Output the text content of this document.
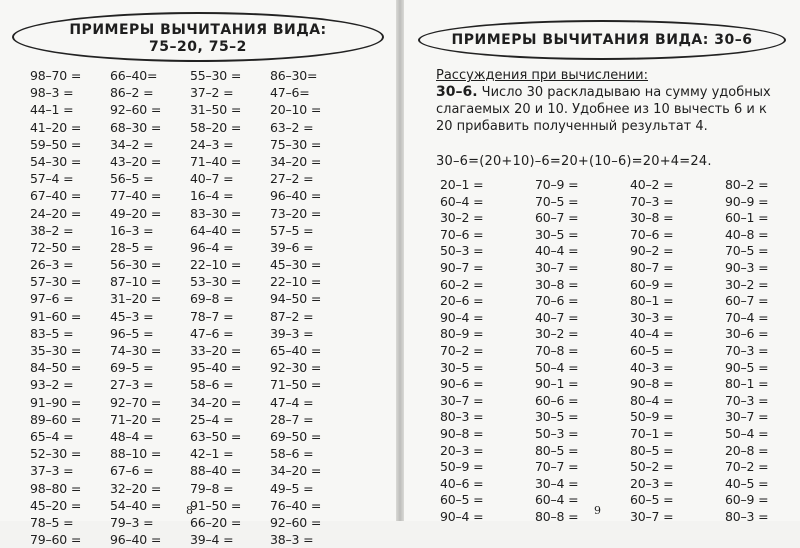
ПРИМЕРЫ ВЫЧИТАНИЯ ВИДА:
75–20, 75–2
98–70 =	66–40=	55–30 =	86–30=
98–3 =	86–2 =	37–2 =	47–6=
44–1 =	92–60 =	31–50 =	20–10 =
41–20 =	68–30 =	58–20 =	63–2 =
59–50 =	34–2 =	24–3 =	75–30 =
54–30 =	43–20 =	71–40 =	34–20 =
57–4 =	56–5 =	40–7 =	27–2 =
67–40 =	77–40 =	16–4 =	96–40 =
24–20 =	49–20 =	83–30 =	73–20 =
38–2 =	16–3 =	64–40 =	57–5 =
72–50 =	28–5 =	96–4 =	39–6 =
26–3 =	56–30 =	22–10 =	45–30 =
57–30 =	87–10 =	53–30 =	22–10 =
97–6 =	31–20 =	69–8 =	94–50 =
91–60 =	45–3 =	78–7 =	87–2 =
83–5 =	96–5 =	47–6 =	39–3 =
35–30 =	74–30 =	33–20 =	65–40 =
84–50 =	69–5 =	95–40 =	92–30 =
93–2 =	27–3 =	58–6 =	71–50 =
91–90 =	92–70 =	34–20 =	47–4 =
89–60 =	71–20 =	25–4 =	28–7 =
65–4 =	48–4 =	63–50 =	69–50 =
52–30 =	88–10 =	42–1 =	58–6 =
37–3 =	67–6 =	88–40 =	34–20 =
98–80 =	32–20 =	79–8 =	49–5 =
45–20 =	54–40 =	91–50 =	76–40 =
78–5 =	79–3 =	66–20 =	92–60 =
79–60 =	96–40 =	39–4 =	38–3 =
8
ПРИМЕРЫ ВЫЧИТАНИЯ ВИДА: 30–6
Рассуждения при вычислении:
30–6. Число 30 раскладываю на сумму удобных слагаемых 20 и 10. Удобнее из 10 вычесть 6 и к 20 прибавить полученный результат 4.
30–6=(20+10)–6=20+(10–6)=20+4=24.
20–1 =	70–9 =	40–2 =	80–2 =
60–4 =	70–5 =	70–3 =	90–9 =
30–2 =	60–7 =	30–8 =	60–1 =
70–6 =	30–5 =	70–6 =	40–8 =
50–3 =	40–4 =	90–2 =	70–5 =
90–7 =	30–7 =	80–7 =	90–3 =
60–2 =	30–8 =	60–9 =	30–2 =
20–6 =	70–6 =	80–1 =	60–7 =
90–4 =	40–7 =	30–3 =	70–4 =
80–9 =	30–2 =	40–4 =	30–6 =
70–2 =	70–8 =	60–5 =	70–3 =
30–5 =	50–4 =	40–3 =	90–5 =
90–6 =	90–1 =	90–8 =	80–1 =
30–7 =	60–6 =	80–4 =	70–3 =
80–3 =	30–5 =	50–9 =	30–7 =
90–8 =	50–3 =	70–1 =	50–4 =
20–3 =	80–5 =	80–5 =	20–8 =
50–9 =	70–7 =	50–2 =	70–2 =
40–6 =	30–4 =	20–3 =	40–5 =
60–5 =	60–4 =	60–5 =	60–9 =
90–4 =	80–8 =	30–7 =	80–3 =
9
